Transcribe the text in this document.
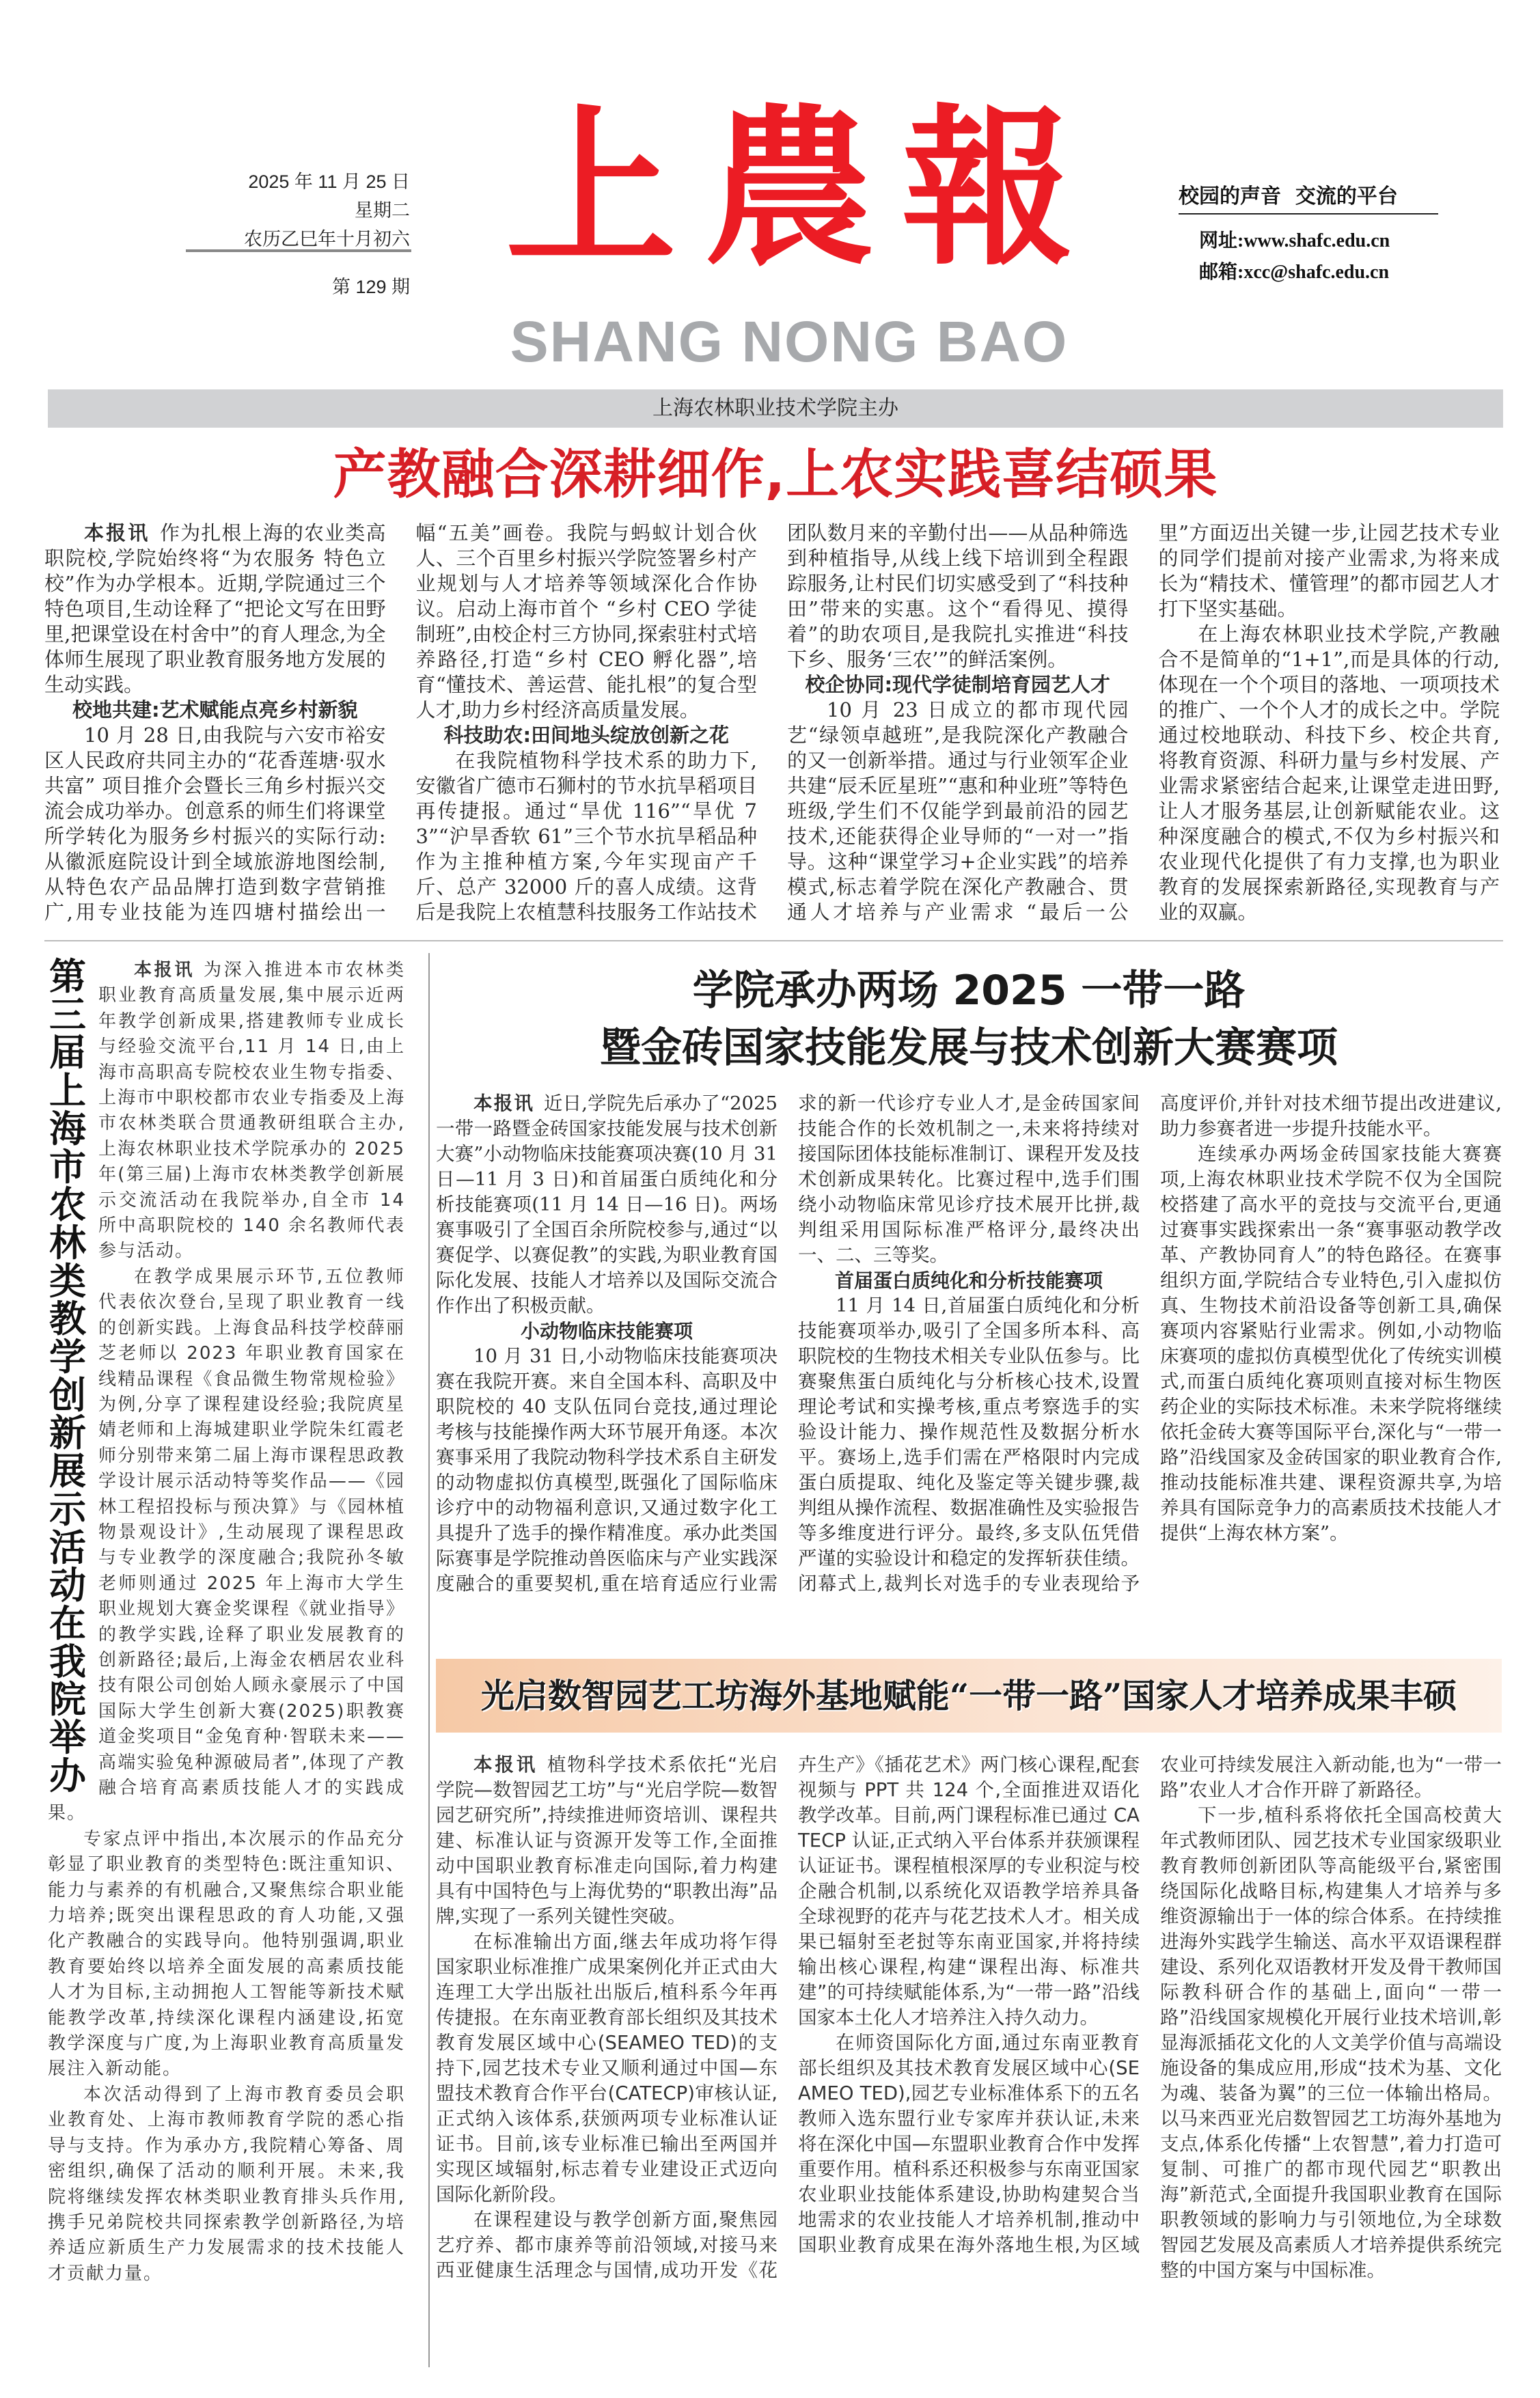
2025 年 11 月 25 日
星期二
农历乙巳年十月初六
第 129 期 上 農 報
SHANG NONG BAO
校园的声音  交流的平台
网址:www.shafc.edu.cn
邮箱:xcc@shafc.edu.cn
上海农林职业技术学院主办
产教融合深耕细作,上农实践喜结硕果

本报讯 作为扎根上海的农业类高职院校,学院始终将“为农服务 特色立校”作为办学根本。近期,学院通过三个特色项目,生动诠释了“把论文写在田野里,把课堂设在村舍中”的育人理念,为全体师生展现了职业教育服务地方发展的生动实践。

校地共建:艺术赋能点亮乡村新貌

10 月 28 日,由我院与六安市裕安区人民政府共同主办的“花香莲塘·驭水共富” 项目推介会暨长三角乡村振兴交流会成功举办。创意系的师生们将课堂所学转化为服务乡村振兴的实际行动:从徽派庭院设计到全域旅游地图绘制,从特色农产品品牌打造到数字营销推广,用专业技能为连四塘村描绘出一幅“五美”画卷。我院与蚂蚁计划合伙人、三个百里乡村振兴学院签署乡村产业规划与人才培养等领域深化合作协议。启动上海市首个 “乡村 CEO 学徒制班”,由校企村三方协同,探索驻村式培养路径,打造“乡村 CEO 孵化器”,培育“懂技术、善运营、能扎根”的复合型人才,助力乡村经济高质量发展。

科技助农:田间地头绽放创新之花

在我院植物科学技术系的助力下,安徽省广德市石狮村的节水抗旱稻项目再传捷报。通过“旱优 116”“旱优 73”“沪旱香软 61”三个节水抗旱稻品种作为主推种植方案,今年实现亩产千斤、总产 32000 斤的喜人成绩。这背后是我院上农植慧科技服务工作站技术团队数月来的辛勤付出——从品种筛选到种植指导,从线上线下培训到全程跟踪服务,让村民们切实感受到了“科技种田”带来的实惠。这个“看得见、摸得着”的助农项目,是我院扎实推进“科技下乡、服务‘三农’”的鲜活案例。

校企协同:现代学徒制培育园艺人才

10 月 23 日成立的都市现代园艺“绿领卓越班”,是我院深化产教融合的又一创新举措。通过与行业领军企业共建“辰禾匠星班”“惠和种业班”等特色班级,学生们不仅能学到最前沿的园艺技术,还能获得企业导师的“一对一”指导。这种“课堂学习+企业实践”的培养模式,标志着学院在深化产教融合、贯通人才培养与产业需求 “最后一公里”方面迈出关键一步,让园艺技术专业的同学们提前对接产业需求,为将来成长为“精技术、懂管理”的都市园艺人才打下坚实基础。

在上海农林职业技术学院,产教融合不是简单的“1+1”,而是具体的行动,体现在一个个项目的落地、一项项技术的推广、一个个人才的成长之中。学院通过校地联动、科技下乡、校企共育,将教育资源、科研力量与乡村发展、产业需求紧密结合起来,让课堂走进田野,让人才服务基层,让创新赋能农业。这种深度融合的模式,不仅为乡村振兴和农业现代化提供了有力支撑,也为职业教育的发展探索新路径,实现教育与产业的双赢。

第三届上海市农林类教学创新展示活动在我院举办

本报讯 为深入推进本市农林类职业教育高质量发展,集中展示近两年教学创新成果,搭建教师专业成长与经验交流平台,11 月 14 日,由上海市高职高专院校农业生物专指委、上海市中职校都市农业专指委及上海市农林类联合贯通教研组联合主办,上海农林职业技术学院承办的 2025 年(第三届)上海市农林类教学创新展示交流活动在我院举办,自全市 14 所中高职院校的 140 余名教师代表参与活动。

在教学成果展示环节,五位教师代表依次登台,呈现了职业教育一线的创新实践。上海食品科技学校薛丽芝老师以 2023 年职业教育国家在线精品课程《食品微生物常规检验》为例,分享了课程建设经验;我院庹星婧老师和上海城建职业学院朱红霞老师分别带来第二届上海市课程思政教学设计展示活动特等奖作品——《园林工程招投标与预决算》与《园林植物景观设计》,生动展现了课程思政与专业教学的深度融合;我院孙冬敏老师则通过 2025 年上海市大学生职业规划大赛金奖课程《就业指导》的教学实践,诠释了职业发展教育的创新路径;最后,上海金农栖居农业科技有限公司创始人顾永豪展示了中国国际大学生创新大赛(2025)职教赛道金奖项目“金兔育种·智联未来——高端实验兔种源破局者”,体现了产教融合培育高素质技能人才的实践成果。

专家点评中指出,本次展示的作品充分彰显了职业教育的类型特色:既注重知识、能力与素养的有机融合,又聚焦综合职业能力培养;既突出课程思政的育人功能,又强化产教融合的实践导向。他特别强调,职业教育要始终以培养全面发展的高素质技能人才为目标,主动拥抱人工智能等新技术赋能教学改革,持续深化课程内涵建设,拓宽教学深度与广度,为上海职业教育高质量发展注入新动能。

本次活动得到了上海市教育委员会职业教育处、上海市教师教育学院的悉心指导与支持。作为承办方,我院精心筹备、周密组织,确保了活动的顺利开展。未来,我院将继续发挥农林类职业教育排头兵作用,携手兄弟院校共同探索教学创新路径,为培养适应新质生产力发展需求的技术技能人才贡献力量。

学院承办两场 2025 一带一路
暨金砖国家技能发展与技术创新大赛赛项

本报讯 近日,学院先后承办了“2025 一带一路暨金砖国家技能发展与技术创新大赛”小动物临床技能赛项决赛(10 月 31 日—11 月 3 日)和首届蛋白质纯化和分析技能赛项(11 月 14 日—16 日)。两场赛事吸引了全国百余所院校参与,通过“以赛促学、以赛促教”的实践,为职业教育国际化发展、技能人才培养以及国际交流合作作出了积极贡献。

小动物临床技能赛项

10 月 31 日,小动物临床技能赛项决赛在我院开赛。来自全国本科、高职及中职院校的 40 支队伍同台竞技,通过理论考核与技能操作两大环节展开角逐。本次赛事采用了我院动物科学技术系自主研发的动物虚拟仿真模型,既强化了国际临床诊疗中的动物福利意识,又通过数字化工具提升了选手的操作精准度。承办此类国际赛事是学院推动兽医临床与产业实践深度融合的重要契机,重在培育适应行业需求的新一代诊疗专业人才,是金砖国家间技能合作的长效机制之一,未来将持续对接国际团体技能标准制订、课程开发及技术创新成果转化。比赛过程中,选手们围绕小动物临床常见诊疗技术展开比拼,裁判组采用国际标准严格评分,最终决出一、二、三等奖。

首届蛋白质纯化和分析技能赛项

11 月 14 日,首届蛋白质纯化和分析技能赛项举办,吸引了全国多所本科、高职院校的生物技术相关专业队伍参与。比赛聚焦蛋白质纯化与分析核心技术,设置理论考试和实操考核,重点考察选手的实验设计能力、操作规范性及数据分析水平。赛场上,选手们需在严格限时内完成蛋白质提取、纯化及鉴定等关键步骤,裁判组从操作流程、数据准确性及实验报告等多维度进行评分。最终,多支队伍凭借严谨的实验设计和稳定的发挥斩获佳绩。闭幕式上,裁判长对选手的专业表现给予高度评价,并针对技术细节提出改进建议,助力参赛者进一步提升技能水平。

连续承办两场金砖国家技能大赛赛项,上海农林职业技术学院不仅为全国院校搭建了高水平的竞技与交流平台,更通过赛事实践探索出一条“赛事驱动教学改革、产教协同育人”的特色路径。在赛事组织方面,学院结合专业特色,引入虚拟仿真、生物技术前沿设备等创新工具,确保赛项内容紧贴行业需求。例如,小动物临床赛项的虚拟仿真模型优化了传统实训模式,而蛋白质纯化赛项则直接对标生物医药企业的实际技术标准。未来学院将继续依托金砖大赛等国际平台,深化与“一带一路”沿线国家及金砖国家的职业教育合作,推动技能标准共建、课程资源共享,为培养具有国际竞争力的高素质技术技能人才提供“上海农林方案”。

光启数智园艺工坊海外基地赋能“一带一路”国家人才培养成果丰硕

本报讯 植物科学技术系依托“光启学院—数智园艺工坊”与“光启学院—数智园艺研究所”,持续推进师资培训、课程共建、标准认证与资源开发等工作,全面推动中国职业教育标准走向国际,着力构建具有中国特色与上海优势的“职教出海”品牌,实现了一系列关键性突破。

在标准输出方面,继去年成功将乍得国家职业标准推广成果案例化并正式由大连理工大学出版社出版后,植科系今年再传捷报。在东南亚教育部长组织及其技术教育发展区域中心(SEAMEO TED)的支持下,园艺技术专业又顺利通过中国—东盟技术教育合作平台(CATECP)审核认证,正式纳入该体系,获颁两项专业标准认证证书。目前,该专业标准已输出至两国并实现区域辐射,标志着专业建设正式迈向国际化新阶段。

在课程建设与教学创新方面,聚焦园艺疗养、都市康养等前沿领域,对接马来西亚健康生活理念与国情,成功开发《花卉生产》《插花艺术》两门核心课程,配套视频与 PPT 共 124 个,全面推进双语化教学改革。目前,两门课程标准已通过 CATECP 认证,正式纳入平台体系并获颁课程认证证书。课程植根深厚的专业积淀与校企融合机制,以系统化双语教学培养具备全球视野的花卉与花艺技术人才。相关成果已辐射至老挝等东南亚国家,并将持续输出核心课程,构建“课程出海、标准共建”的可持续赋能体系,为“一带一路”沿线国家本土化人才培养注入持久动力。

在师资国际化方面,通过东南亚教育部长组织及其技术教育发展区域中心(SEAMEO TED),园艺专业标准体系下的五名教师入选东盟行业专家库并获认证,未来将在深化中国—东盟职业教育合作中发挥重要作用。植科系还积极参与东南亚国家农业职业技能体系建设,协助构建契合当地需求的农业技能人才培养机制,推动中国职业教育成果在海外落地生根,为区域农业可持续发展注入新动能,也为“一带一路”农业人才合作开辟了新路径。

下一步,植科系将依托全国高校黄大年式教师团队、园艺技术专业国家级职业教育教师创新团队等高能级平台,紧密围绕国际化战略目标,构建集人才培养与多维资源输出于一体的综合体系。在持续推进海外实践学生输送、高水平双语课程群建设、系列化双语教材开发及骨干教师国际教科研合作的基础上,面向“一带一路”沿线国家规模化开展行业技术培训,彰显海派插花文化的人文美学价值与高端设施设备的集成应用,形成“技术为基、文化为魂、装备为翼”的三位一体输出格局。以马来西亚光启数智园艺工坊海外基地为支点,体系化传播“上农智慧”,着力打造可复制、可推广的都市现代园艺“职教出海”新范式,全面提升我国职业教育在国际职教领域的影响力与引领地位,为全球数智园艺发展及高素质人才培养提供系统完整的中国方案与中国标准。
